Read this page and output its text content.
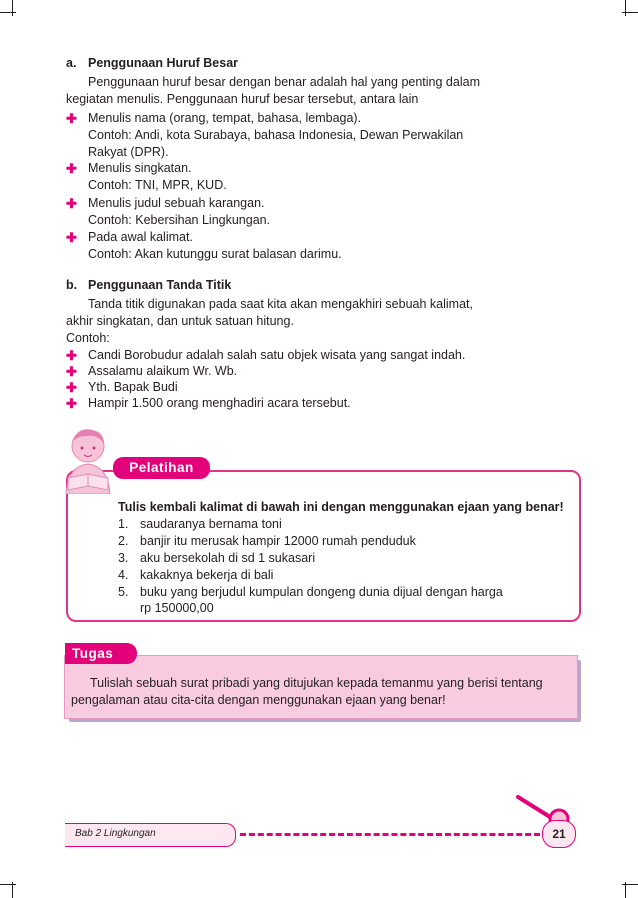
a. Penggunaan Huruf Besar
Penggunaan huruf besar dengan benar adalah hal yang penting dalam
kegiatan menulis. Penggunaan huruf besar tersebut, antara lain
✚ Menulis nama (orang, tempat, bahasa, lembaga).
Contoh: Andi, kota Surabaya, bahasa Indonesia, Dewan Perwakilan
Rakyat (DPR).
✚ Menulis singkatan.
Contoh: TNI, MPR, KUD.
✚ Menulis judul sebuah karangan.
Contoh: Kebersihan Lingkungan.
✚ Pada awal kalimat.
Contoh: Akan kutunggu surat balasan darimu.
b. Penggunaan Tanda Titik
Tanda titik digunakan pada saat kita akan mengakhiri sebuah kalimat,
akhir singkatan, dan untuk satuan hitung.
Contoh:
✚ Candi Borobudur adalah salah satu objek wisata yang sangat indah.
✚ Assalamu alaikum Wr. Wb.
✚ Yth. Bapak Budi
✚ Hampir 1.500 orang menghadiri acara tersebut.
Pelatihan
Tulis kembali kalimat di bawah ini dengan menggunakan ejaan yang benar!
1. saudaranya bernama toni
2. banjir itu merusak hampir 12000 rumah penduduk
3. aku bersekolah di sd 1 sukasari
4. kakaknya bekerja di bali
5. buku yang berjudul kumpulan dongeng dunia dijual dengan harga
rp 150000,00
Tugas
Tulislah sebuah surat pribadi yang ditujukan kepada temanmu yang berisi tentang
pengalaman atau cita-cita dengan menggunakan ejaan yang benar!
Bab 2 Lingkungan	21
